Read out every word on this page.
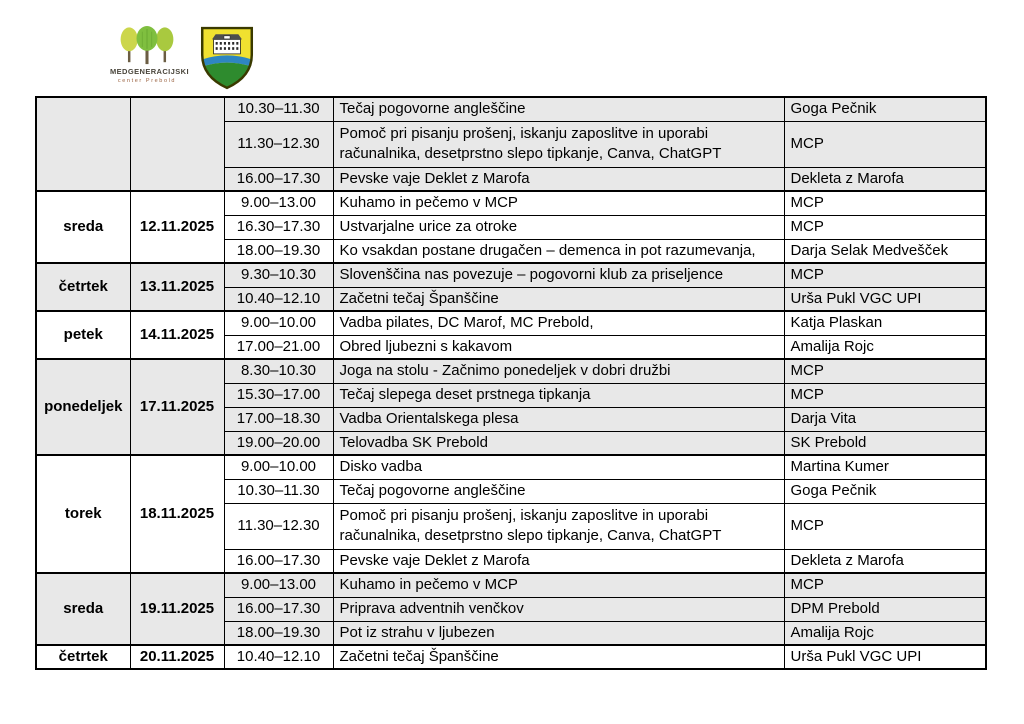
MEDGENERACIJSKI
center Prebold
		10.30–11.30	Tečaj pogovorne angleščine	Goga Pečnik
		11.30–12.30	Pomoč pri pisanju prošenj, iskanju zaposlitve in uporabi računalnika, desetprstno slepo tipkanje, Canva, ChatGPT	MCP
		16.00–17.30	Pevske vaje Deklet z Marofa	Dekleta z Marofa
sreda	12.11.2025	9.00–13.00	Kuhamo in pečemo v MCP	MCP
		16.30–17.30	Ustvarjalne urice za otroke	MCP
		18.00–19.30	Ko vsakdan postane drugačen – demenca in pot razumevanja,	Darja Selak Medvešček
četrtek	13.11.2025	9.30–10.30	Slovenščina nas povezuje – pogovorni klub za priseljence	MCP
		10.40–12.10	Začetni tečaj Španščine	Urša Pukl VGC UPI
petek	14.11.2025	9.00–10.00	Vadba pilates, DC Marof, MC Prebold,	Katja Plaskan
		17.00–21.00	Obred ljubezni s kakavom	Amalija Rojc
ponedeljek	17.11.2025	8.30–10.30	Joga na stolu - Začnimo ponedeljek v dobri družbi	MCP
		15.30–17.00	Tečaj slepega deset prstnega tipkanja	MCP
		17.00–18.30	Vadba Orientalskega plesa	Darja Vita
		19.00–20.00	Telovadba SK Prebold	SK Prebold
torek	18.11.2025	9.00–10.00	Disko vadba	Martina Kumer
		10.30–11.30	Tečaj pogovorne angleščine	Goga Pečnik
		11.30–12.30	Pomoč pri pisanju prošenj, iskanju zaposlitve in uporabi računalnika, desetprstno slepo tipkanje, Canva, ChatGPT	MCP
		16.00–17.30	Pevske vaje Deklet z Marofa	Dekleta z Marofa
sreda	19.11.2025	9.00–13.00	Kuhamo in pečemo v MCP	MCP
		16.00–17.30	Priprava adventnih venčkov	DPM Prebold
		18.00–19.30	Pot iz strahu v ljubezen	Amalija Rojc
četrtek	20.11.2025	10.40–12.10	Začetni tečaj Španščine	Urša Pukl VGC UPI
